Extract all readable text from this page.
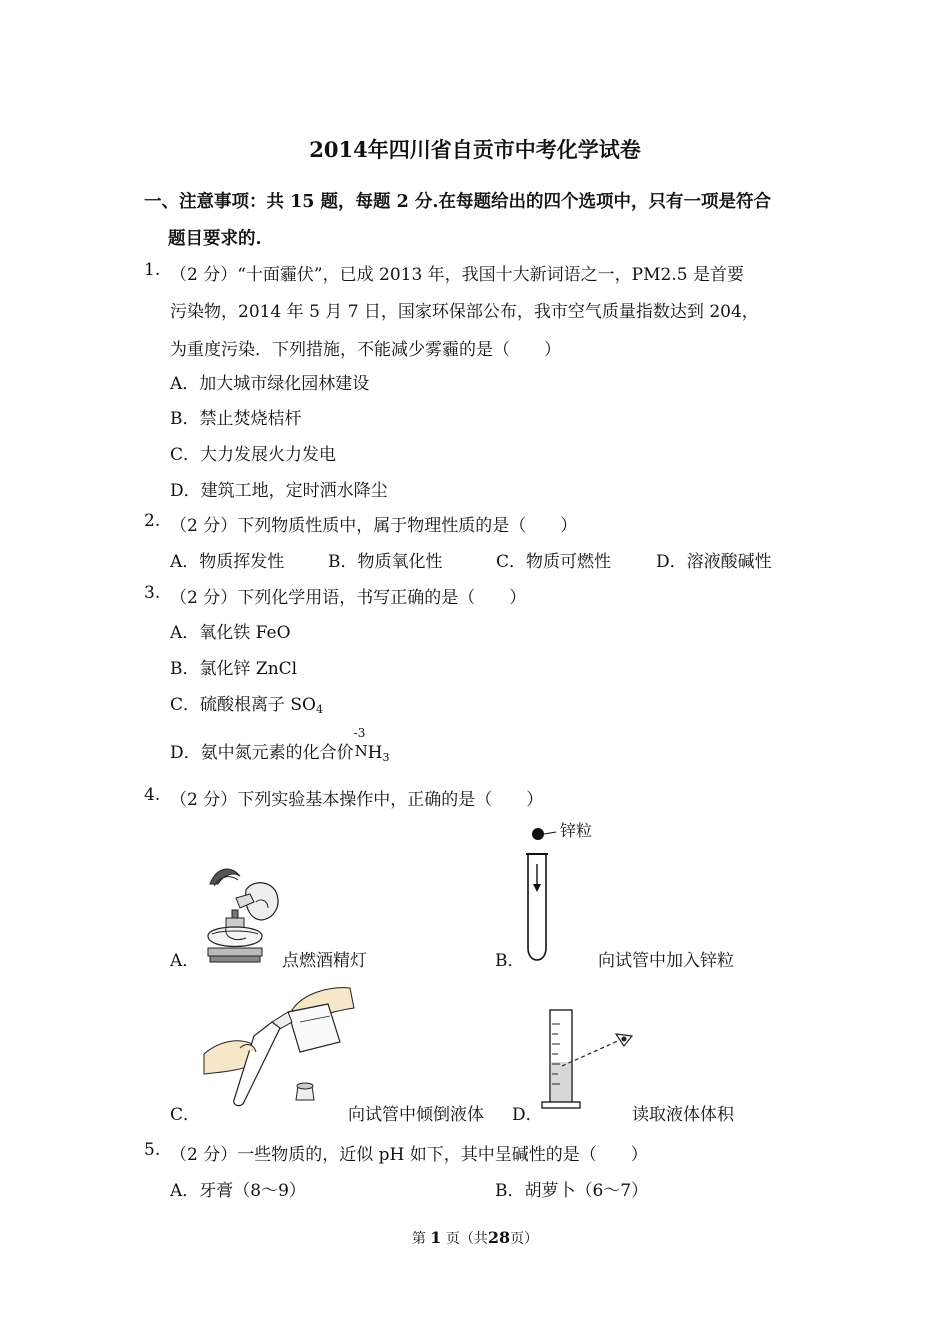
2014年四川省自贡市中考化学试卷
一、注意事项：共 15 题，每题 2 分.在每题给出的四个选项中，只有一项是符合
题目要求的.
1. （2 分）“十面霾伏”，已成 2013 年，我国十大新词语之一，PM2.5 是首要
污染物，2014 年 5 月 7 日，国家环保部公布，我市空气质量指数达到 204，
为重度污染．下列措施，不能减少雾霾的是（　　）
A．加大城市绿化园林建设
B．禁止焚烧桔杆
C．大力发展火力发电
D．建筑工地，定时洒水降尘
2. （2 分）下列物质性质中，属于物理性质的是（　　）
A．物质挥发性	B．物质氧化性	C．物质可燃性	D．溶液酸碱性
3. （2 分）下列化学用语，书写正确的是（　　）
A．氧化铁 FeO
B．氯化锌 ZnCl
C．硫酸根离子 $SO_4$
D．氨中氮元素的化合价
-3
N $H_3$
4. （2 分）下列实验基本操作中，正确的是（　　）
A．	点燃酒精灯
锌粒
B．	向试管中加入锌粒
C．	向试管中倾倒液体 D．	读取液体体积
5. （2 分）一些物质的，近似 pH 如下，其中呈碱性的是（　　）
A．牙膏（8～9）	B．胡萝卜（6～7）
第 1 页（共28页）
